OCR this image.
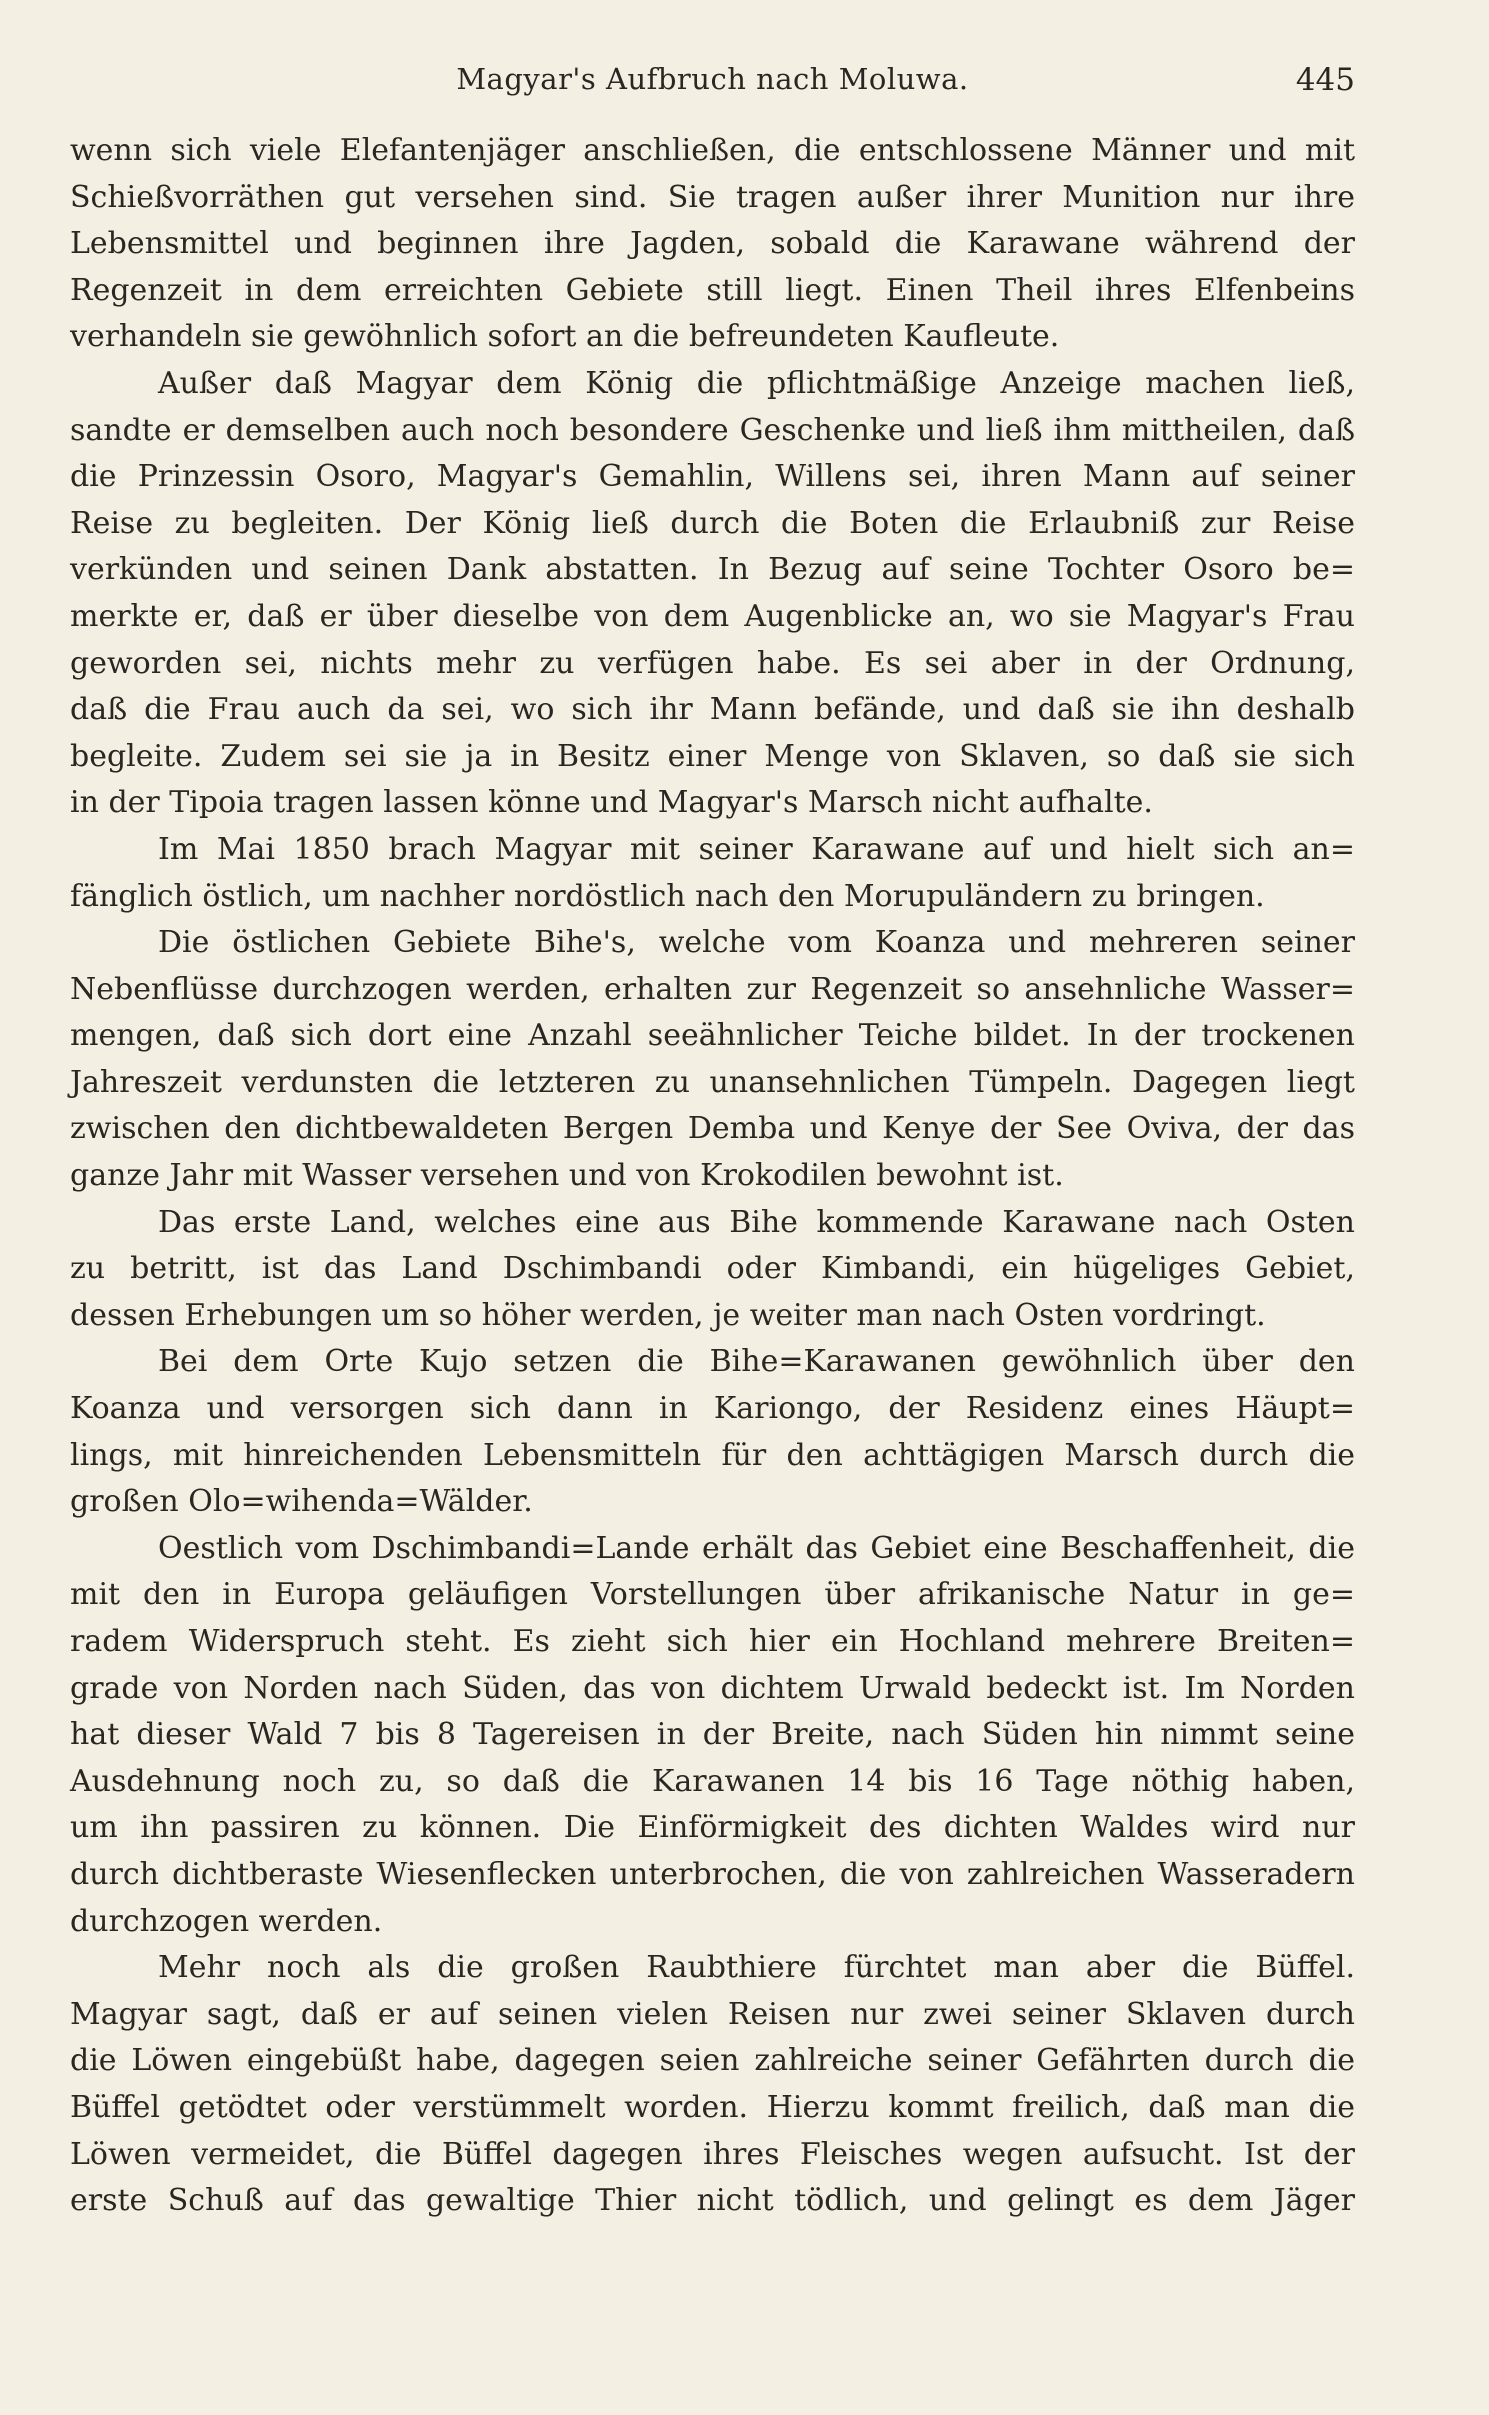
Magyar's Aufbruch nach Moluwa.	445
wenn sich viele Elefantenjäger anschließen, die entschlossene Männer und mit
Schießvorräthen gut versehen sind. Sie tragen außer ihrer Munition nur ihre
Lebensmittel und beginnen ihre Jagden, sobald die Karawane während der
Regenzeit in dem erreichten Gebiete still liegt. Einen Theil ihres Elfenbeins
verhandeln sie gewöhnlich sofort an die befreundeten Kaufleute.
Außer daß Magyar dem König die pflichtmäßige Anzeige machen ließ,
sandte er demselben auch noch besondere Geschenke und ließ ihm mittheilen, daß
die Prinzessin Osoro, Magyar's Gemahlin, Willens sei, ihren Mann auf seiner
Reise zu begleiten. Der König ließ durch die Boten die Erlaubniß zur Reise
verkünden und seinen Dank abstatten. In Bezug auf seine Tochter Osoro be=
merkte er, daß er über dieselbe von dem Augenblicke an, wo sie Magyar's Frau
geworden sei, nichts mehr zu verfügen habe. Es sei aber in der Ordnung,
daß die Frau auch da sei, wo sich ihr Mann befände, und daß sie ihn deshalb
begleite. Zudem sei sie ja in Besitz einer Menge von Sklaven, so daß sie sich
in der Tipoia tragen lassen könne und Magyar's Marsch nicht aufhalte.
Im Mai 1850 brach Magyar mit seiner Karawane auf und hielt sich an=
fänglich östlich, um nachher nordöstlich nach den Morupuländern zu bringen.
Die östlichen Gebiete Bihe's, welche vom Koanza und mehreren seiner
Nebenflüsse durchzogen werden, erhalten zur Regenzeit so ansehnliche Wasser=
mengen, daß sich dort eine Anzahl seeähnlicher Teiche bildet. In der trockenen
Jahreszeit verdunsten die letzteren zu unansehnlichen Tümpeln. Dagegen liegt
zwischen den dichtbewaldeten Bergen Demba und Kenye der See Oviva, der das
ganze Jahr mit Wasser versehen und von Krokodilen bewohnt ist.
Das erste Land, welches eine aus Bihe kommende Karawane nach Osten
zu betritt, ist das Land Dschimbandi oder Kimbandi, ein hügeliges Gebiet,
dessen Erhebungen um so höher werden, je weiter man nach Osten vordringt.
Bei dem Orte Kujo setzen die Bihe=Karawanen gewöhnlich über den
Koanza und versorgen sich dann in Kariongo, der Residenz eines Häupt=
lings, mit hinreichenden Lebensmitteln für den achttägigen Marsch durch die
großen Olo=wihenda=Wälder.
Oestlich vom Dschimbandi=Lande erhält das Gebiet eine Beschaffenheit, die
mit den in Europa geläufigen Vorstellungen über afrikanische Natur in ge=
radem Widerspruch steht. Es zieht sich hier ein Hochland mehrere Breiten=
grade von Norden nach Süden, das von dichtem Urwald bedeckt ist. Im Norden
hat dieser Wald 7 bis 8 Tagereisen in der Breite, nach Süden hin nimmt seine
Ausdehnung noch zu, so daß die Karawanen 14 bis 16 Tage nöthig haben,
um ihn passiren zu können. Die Einförmigkeit des dichten Waldes wird nur
durch dichtberaste Wiesenflecken unterbrochen, die von zahlreichen Wasseradern
durchzogen werden.
Mehr noch als die großen Raubthiere fürchtet man aber die Büffel.
Magyar sagt, daß er auf seinen vielen Reisen nur zwei seiner Sklaven durch
die Löwen eingebüßt habe, dagegen seien zahlreiche seiner Gefährten durch die
Büffel getödtet oder verstümmelt worden. Hierzu kommt freilich, daß man die
Löwen vermeidet, die Büffel dagegen ihres Fleisches wegen aufsucht. Ist der
erste Schuß auf das gewaltige Thier nicht tödlich, und gelingt es dem Jäger
